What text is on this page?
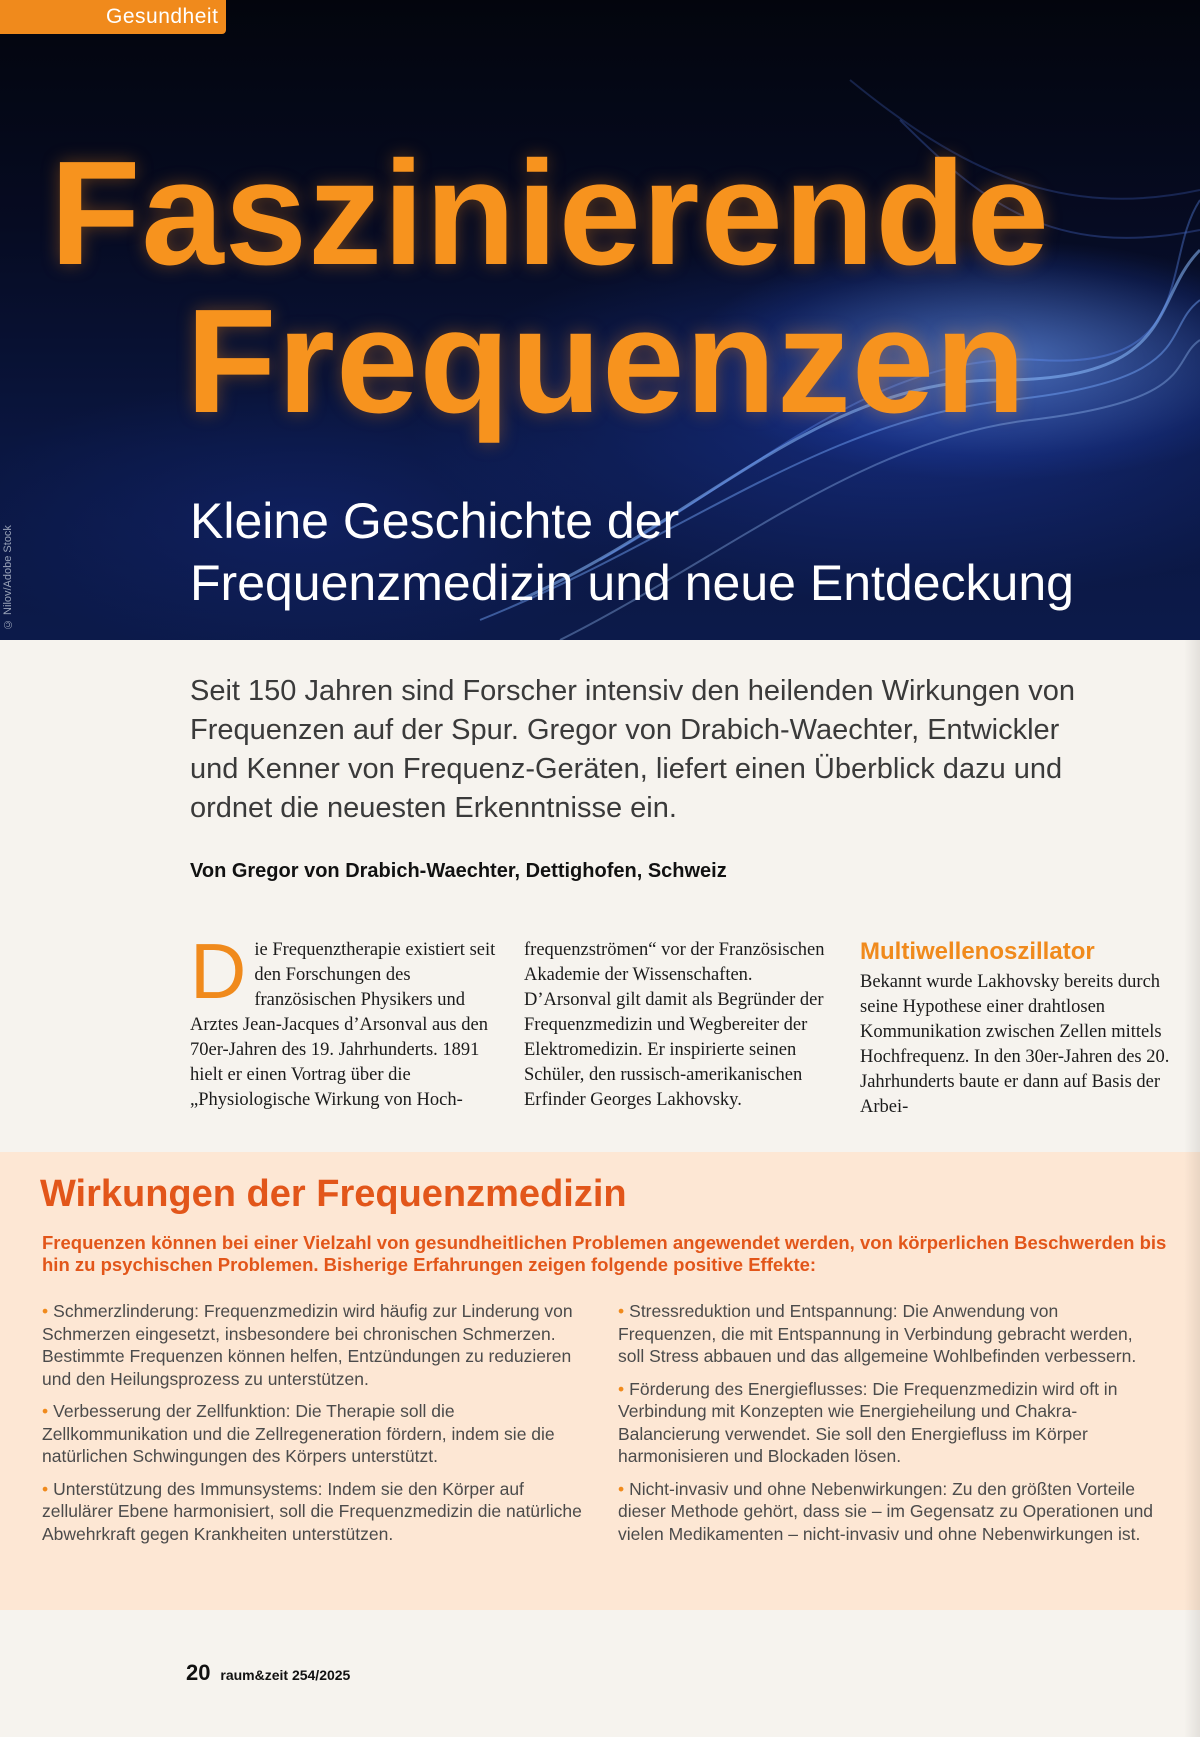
Gesundheit
© Nilov/Adobe Stock
Faszinierende
Frequenzen
Kleine Geschichte der
Frequenzmedizin und neue Entdeckung

Seit 150 Jahren sind Forscher intensiv den heilenden Wirkungen von Frequenzen auf der Spur. Gregor von Drabich-Waechter, Entwickler und Kenner von Frequenz-Geräten, liefert einen Überblick dazu und ordnet die neuesten Erkenntnisse ein.

Von Gregor von Drabich-Waechter, Dettighofen, Schweiz
D ie Frequenztherapie existiert seit den Forschungen des französischen Physikers und Arztes Jean-Jacques d’Arsonval aus den 70er-Jahren des 19. Jahrhunderts. 1891 hielt er einen Vortrag über die „Physiologische Wirkung von Hoch-

frequenzströmen“ vor der Französischen Akademie der Wissenschaften. D’Arsonval gilt damit als Begründer der Frequenzmedizin und Wegbereiter der Elektromedizin. Er inspirierte seinen Schüler, den russisch-amerikanischen Erfinder Georges Lakhovsky.

Multiwellenoszillator

Bekannt wurde Lakhovsky bereits durch seine Hypothese einer drahtlosen Kommunikation zwischen Zellen mittels Hochfrequenz. In den 30er-Jahren des 20. Jahrhunderts baute er dann auf Basis der Arbei-

Wirkungen der Frequenzmedizin

Frequenzen können bei einer Vielzahl von gesundheitlichen Problemen angewendet werden, von körperlichen Beschwerden bis hin zu psychischen Problemen. Bisherige Erfahrungen zeigen folgende positive Effekte:

• Schmerzlinderung: Frequenzmedizin wird häufig zur Linderung von Schmerzen eingesetzt, insbesondere bei chronischen Schmerzen.
Bestimmte Frequenzen können helfen, Entzündungen zu reduzieren und den Heilungsprozess zu unterstützen.
• Verbesserung der Zellfunktion: Die Therapie soll die Zellkommunikation und die Zellregeneration fördern, indem sie die natürlichen Schwingungen des Körpers unterstützt.
• Unterstützung des Immunsystems: Indem sie den Körper auf zellulärer Ebene harmonisiert, soll die Frequenzmedizin die natürliche Abwehrkraft gegen Krankheiten unterstützen.
• Stressreduktion und Entspannung: Die Anwendung von Frequenzen, die mit Entspannung in Verbindung gebracht werden, soll Stress abbauen und das allgemeine Wohlbefinden verbessern.
• Förderung des Energieflusses: Die Frequenzmedizin wird oft in Verbindung mit Konzepten wie Energieheilung und Chakra-Balancierung verwendet. Sie soll den Energiefluss im Körper harmonisieren und Blockaden lösen.
• Nicht-invasiv und ohne Nebenwirkungen: Zu den größten Vorteile dieser Methode gehört, dass sie – im Gegensatz zu Operationen und vielen Medikamenten – nicht-invasiv und ohne Nebenwirkungen ist.
20 raum&zeit 254/2025
